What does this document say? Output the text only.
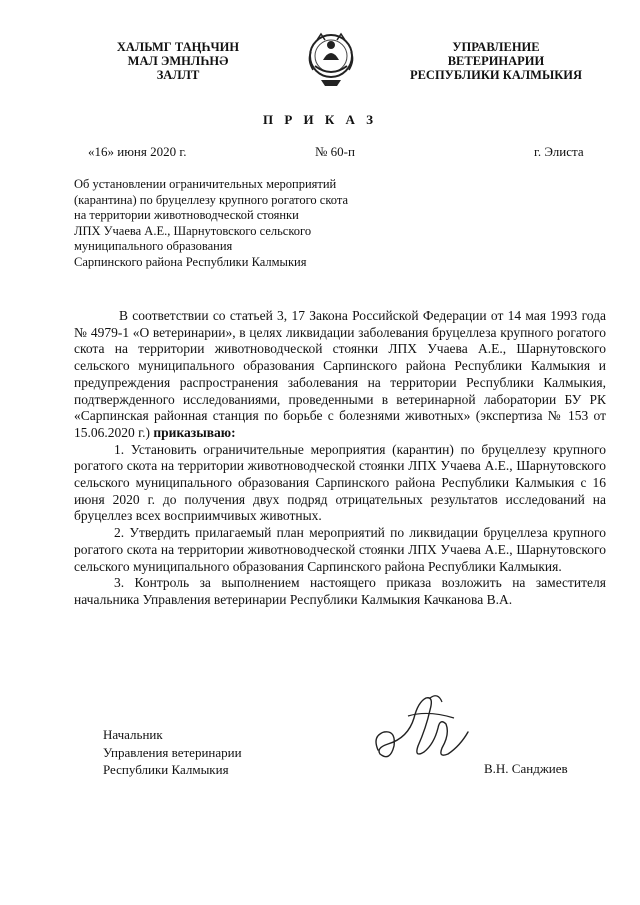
ХАЛЬМГ ТАҢҺЧИН
МАЛ ЭМНЛҺНӘ
ЗАЛЛТ
УПРАВЛЕНИЕ
ВЕТЕРИНАРИИ
РЕСПУБЛИКИ КАЛМЫКИЯ
П Р И К А З
«16» июня 2020 г.	№ 60-п	г. Элиста
Об установлении ограничительных мероприятий
(карантина) по бруцеллезу крупного рогатого скота
на территории животноводческой стоянки
ЛПХ Учаева А.Е., Шарнутовского сельского
муниципального образования
Сарпинского района Республики Калмыкия

В соответствии со статьей 3, 17 Закона Российской Федерации от 14 мая 1993 года № 4979-1 «О ветеринарии», в целях ликвидации заболевания бруцеллеза крупного рогатого скота на территории животноводческой стоянки ЛПХ Учаева А.Е., Шарнутовского сельского муниципального образования Сарпинского района Республики Калмыкия и предупреждения распространения заболевания на территории Республики Калмыкия, подтвержденного исследованиями, проведенными в ветеринарной лаборатории БУ РК «Сарпинская районная станция по борьбе с болезнями животных» (экспертиза № 153 от 15.06.2020 г.) приказываю:

1. Установить ограничительные мероприятия (карантин) по бруцеллезу крупного рогатого скота на территории животноводческой стоянки ЛПХ Учаева А.Е., Шарнутовского сельского муниципального образования Сарпинского района Республики Калмыкия с 16 июня 2020 г. до получения двух подряд отрицательных результатов исследований на бруцеллез всех восприимчивых животных.

2. Утвердить прилагаемый план мероприятий по ликвидации бруцеллеза крупного рогатого скота на территории животноводческой стоянки ЛПХ Учаева А.Е., Шарнутовского сельского муниципального образования Сарпинского района Республики Калмыкия.

3. Контроль за выполнением настоящего приказа возложить на заместителя начальника Управления ветеринарии Республики Калмыкия Качканова В.А.

Начальник
Управления ветеринарии
Республики Калмыкия	В.Н. Санджиев
